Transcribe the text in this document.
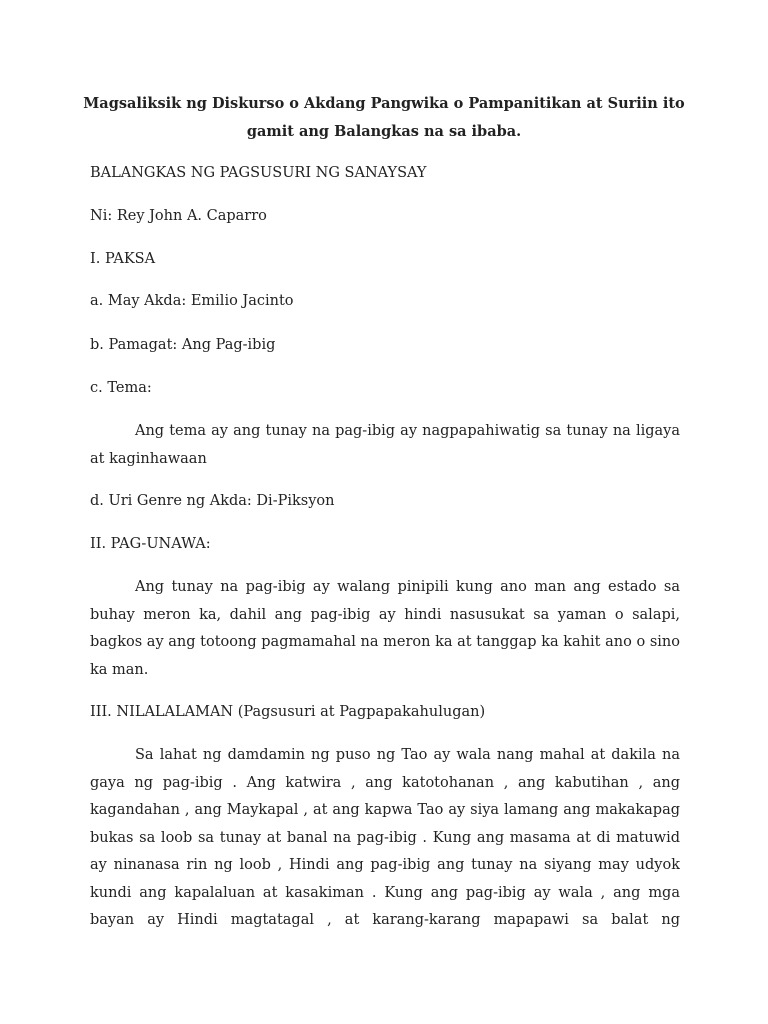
Magsaliksik ng Diskurso o Akdang Pangwika o Pampanitikan at Suriin ito
gamit ang Balangkas na sa ibaba.
BALANGKAS NG PAGSUSURI NG SANAYSAY
Ni: Rey John A. Caparro
I. PAKSA
a. May Akda: Emilio Jacinto
b. Pamagat: Ang Pag-ibig
c. Tema:
Ang tema ay ang tunay na pag-ibig ay nagpapahiwatig sa tunay na ligaya at kaginhawaan
d. Uri Genre ng Akda: Di-Piksyon
II. PAG-UNAWA:
Ang tunay na pag-ibig ay walang pinipili kung ano man ang estado sa buhay meron ka, dahil ang pag-ibig ay hindi nasusukat sa yaman o salapi, bagkos ay ang totoong pagmamahal na meron ka at tanggap ka kahit ano o sino ka man.
III. NILALALAMAN (Pagsusuri at Pagpapakahulugan)
Sa lahat ng damdamin ng puso ng Tao ay wala nang mahal at dakila na gaya ng pag-ibig . Ang katwira , ang katotohanan , ang kabutihan , ang kagandahan , ang Maykapal , at ang kapwa Tao ay siya lamang ang makakapag bukas sa loob sa tunay at banal na pag-ibig . Kung ang masama at di matuwid ay ninanasa rin ng loob , Hindi ang pag-ibig ang tunay na siyang may udyok kundi ang kapalaluan at kasakiman . Kung ang pag-ibig ay wala , ang mga bayan ay Hindi magtatagal , at karang-karang mapapawi sa balat ng
